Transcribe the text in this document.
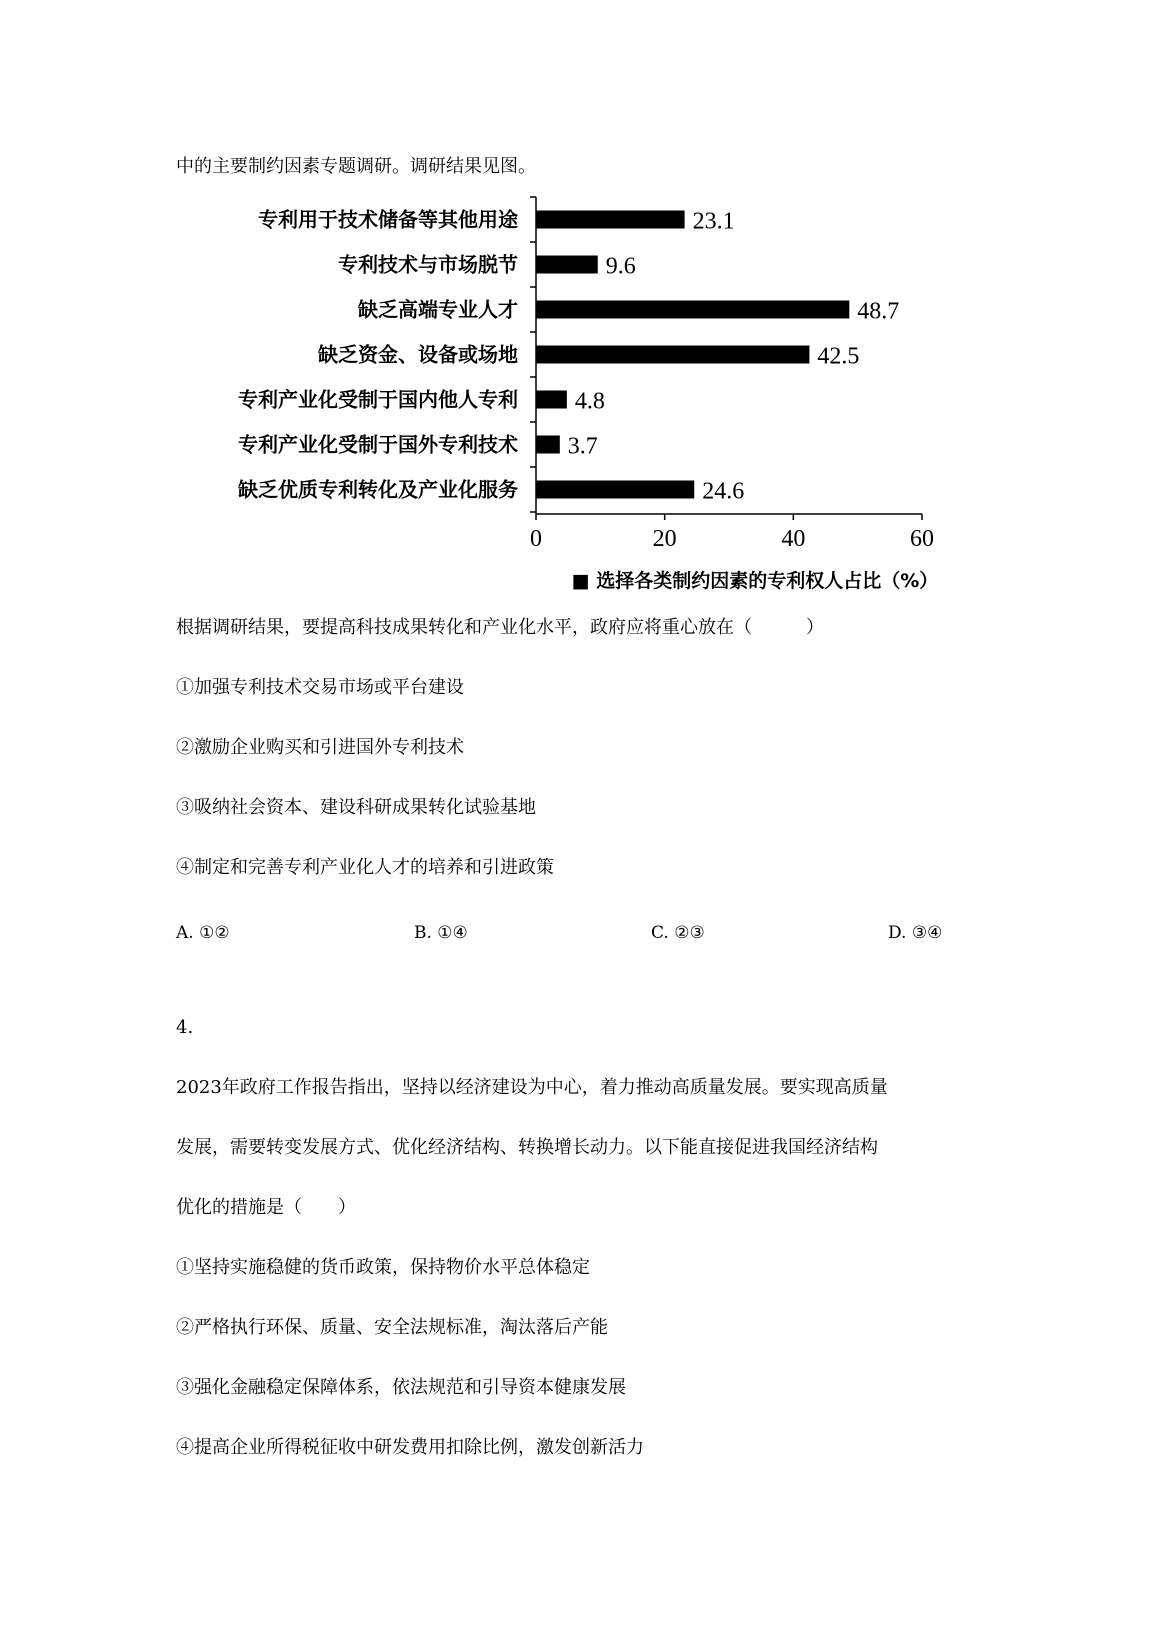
中的主要制约因素专题调研。调研结果见图。
专利用于技术储备等其他用途
专利技术与市场脱节
缺乏高端专业人才
缺乏资金、设备或场地
专利产业化受制于国内他人专利
专利产业化受制于国外专利技术
缺乏优质专利转化及产业化服务
23.1
9.6
48.7
42.5
4.8
3.7
24.6
0	20	40	60
■ 选择各类制约因素的专利权人占比（%）
根据调研结果，要提高科技成果转化和产业化水平，政府应将重心放在（　　　）
①加强专利技术交易市场或平台建设
②激励企业购买和引进国外专利技术
③吸纳社会资本、建设科研成果转化试验基地
④制定和完善专利产业化人才的培养和引进政策
A. ①②	B. ①④	C. ②③	D. ③④
4.
2023年政府工作报告指出，坚持以经济建设为中心，着力推动高质量发展。要实现高质量
发展，需要转变发展方式、优化经济结构、转换增长动力。以下能直接促进我国经济结构
优化的措施是（　　）
①坚持实施稳健的货币政策，保持物价水平总体稳定
②严格执行环保、质量、安全法规标准，淘汰落后产能
③强化金融稳定保障体系，依法规范和引导资本健康发展
④提高企业所得税征收中研发费用扣除比例，激发创新活力
